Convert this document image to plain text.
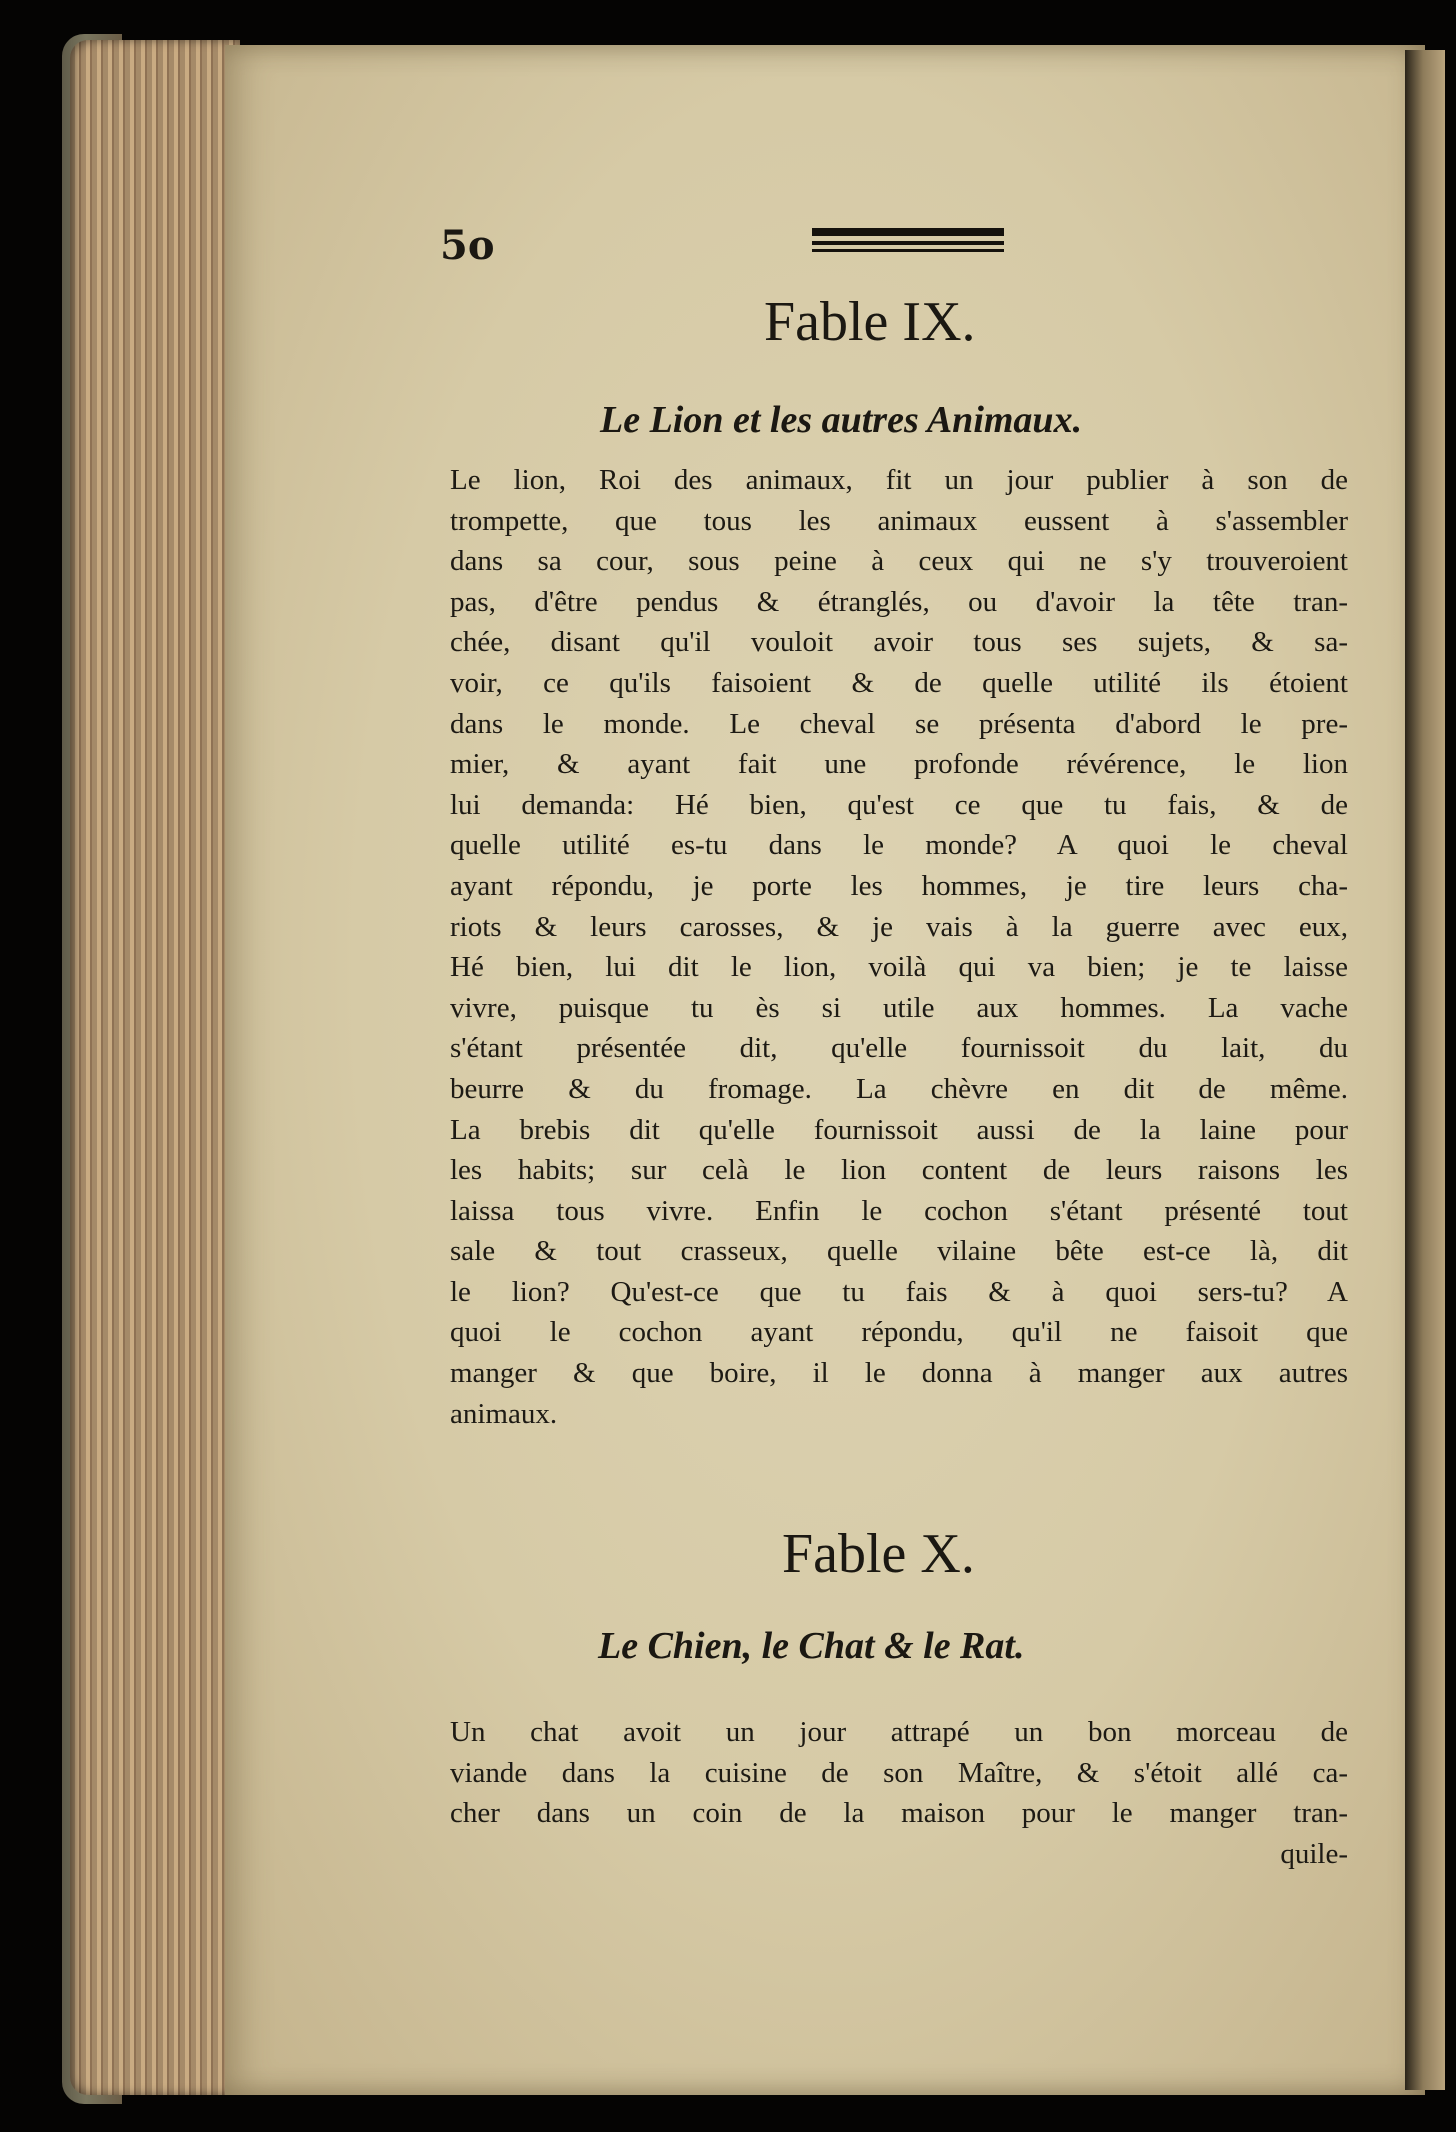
5o
Fable IX.
Le Lion et les autres Animaux.
Le lion, Roi des animaux, fit un jour publier à son de
trompette, que tous les animaux eussent à s'assembler
dans sa cour, sous peine à ceux qui ne s'y trouveroient
pas, d'être pendus & étranglés, ou d'avoir la tête tran-
chée, disant qu'il vouloit avoir tous ses sujets, & sa-
voir, ce qu'ils faisoient & de quelle utilité ils étoient
dans le monde. Le cheval se présenta d'abord le pre-
mier, & ayant fait une profonde révérence, le lion
lui demanda: Hé bien, qu'est ce que tu fais, & de
quelle utilité es-tu dans le monde? A quoi le cheval
ayant répondu, je porte les hommes, je tire leurs cha-
riots & leurs carosses, & je vais à la guerre avec eux,
Hé bien, lui dit le lion, voilà qui va bien; je te laisse
vivre, puisque tu ès si utile aux hommes. La vache
s'étant présentée dit, qu'elle fournissoit du lait, du
beurre & du fromage. La chèvre en dit de même.
La brebis dit qu'elle fournissoit aussi de la laine pour
les habits; sur celà le lion content de leurs raisons les
laissa tous vivre. Enfin le cochon s'étant présenté tout
sale & tout crasseux, quelle vilaine bête est-ce là, dit
le lion? Qu'est-ce que tu fais & à quoi sers-tu? A
quoi le cochon ayant répondu, qu'il ne faisoit que
manger & que boire, il le donna à manger aux autres
animaux.
Fable X.
Le Chien, le Chat & le Rat.
Un chat avoit un jour attrapé un bon morceau de
viande dans la cuisine de son Maître, & s'étoit allé ca-
cher dans un coin de la maison pour le manger tran-
quile-
